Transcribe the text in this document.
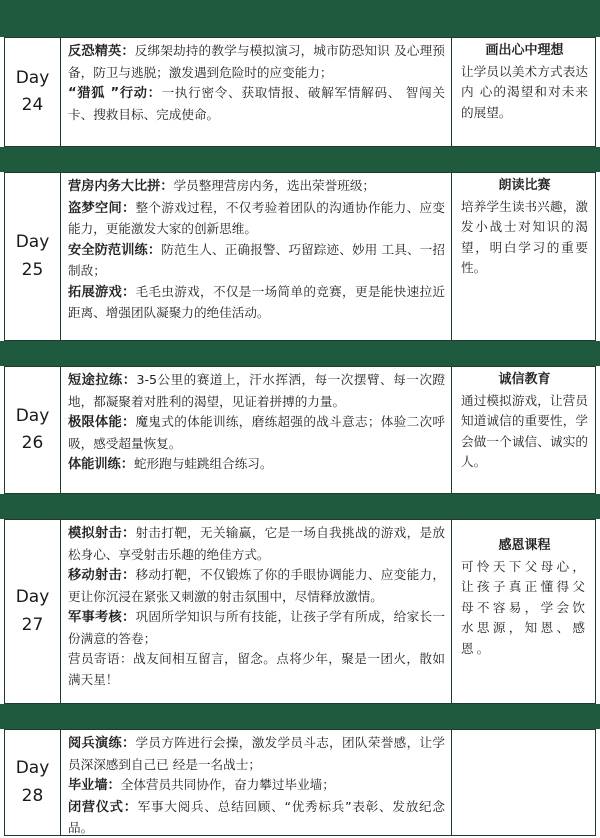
Day
24
反恐精英：反绑架劫持的教学与模拟演习，城市防恐知识 及心理预备，防卫与逃脱；激发遇到危险时的应变能力；
“猎狐 ”行动：一执行密令、获取情报、破解军情解码、 智闯关卡、搜救目标、完成使命。
画出心中理想
让学员以美术方式表达内 心的渴望和对未来的展望。
Day
25
营房内务大比拼：学员整理营房内务，选出荣誉班级；
盗梦空间：整个游戏过程，不仅考验着团队的沟通协作能力、应变能力，更能激发大家的创新思维。
安全防范训练：防范生人、正确报警、巧留踪迹、妙用 工具、一招制敌；
拓展游戏：毛毛虫游戏，不仅是一场简单的竞赛，更是能快速拉近距离、增强团队凝聚力的绝佳活动。
朗读比赛
培养学生读书兴趣，激发小战士对知识的渴望，明白学习的重要性。
Day
26
短途拉练：3-5公里的赛道上，汗水挥洒，每一次摆臂、每一次蹬地，都凝聚着对胜利的渴望，见证着拼搏的力量。
极限体能：魔鬼式的体能训练，磨练超强的战斗意志；体验二次呼吸，感受超量恢复。
体能训练：蛇形跑与蛙跳组合练习。
诚信教育
通过模拟游戏，让营员知道诚信的重要性，学会做一个诚信、诚实的人。
Day
27
模拟射击：射击打靶，无关输赢，它是一场自我挑战的游戏，是放松身心、享受射击乐趣的绝佳方式。
移动射击：移动打靶，不仅锻炼了你的手眼协调能力、应变能力，更让你沉浸在紧张又刺激的射击氛围中，尽情释放激情。
军事考核：巩固所学知识与所有技能，让孩子学有所成，给家长一份满意的答卷；
营员寄语：战友间相互留言，留念。点将少年，聚是一团火，散如满天星！
感恩课程
可怜天下父母心，让孩子真正懂得父母不容易，学会饮水思源，知恩、感恩。
Day
28
阅兵演练：学员方阵进行会操，激发学员斗志，团队荣誉感，让学员深深感到自己已 经是一名战士；
毕业墙：全体营员共同协作，奋力攀过毕业墙；
闭营仪式：军事大阅兵、总结回顾、“优秀标兵”表彰、发放纪念品。
